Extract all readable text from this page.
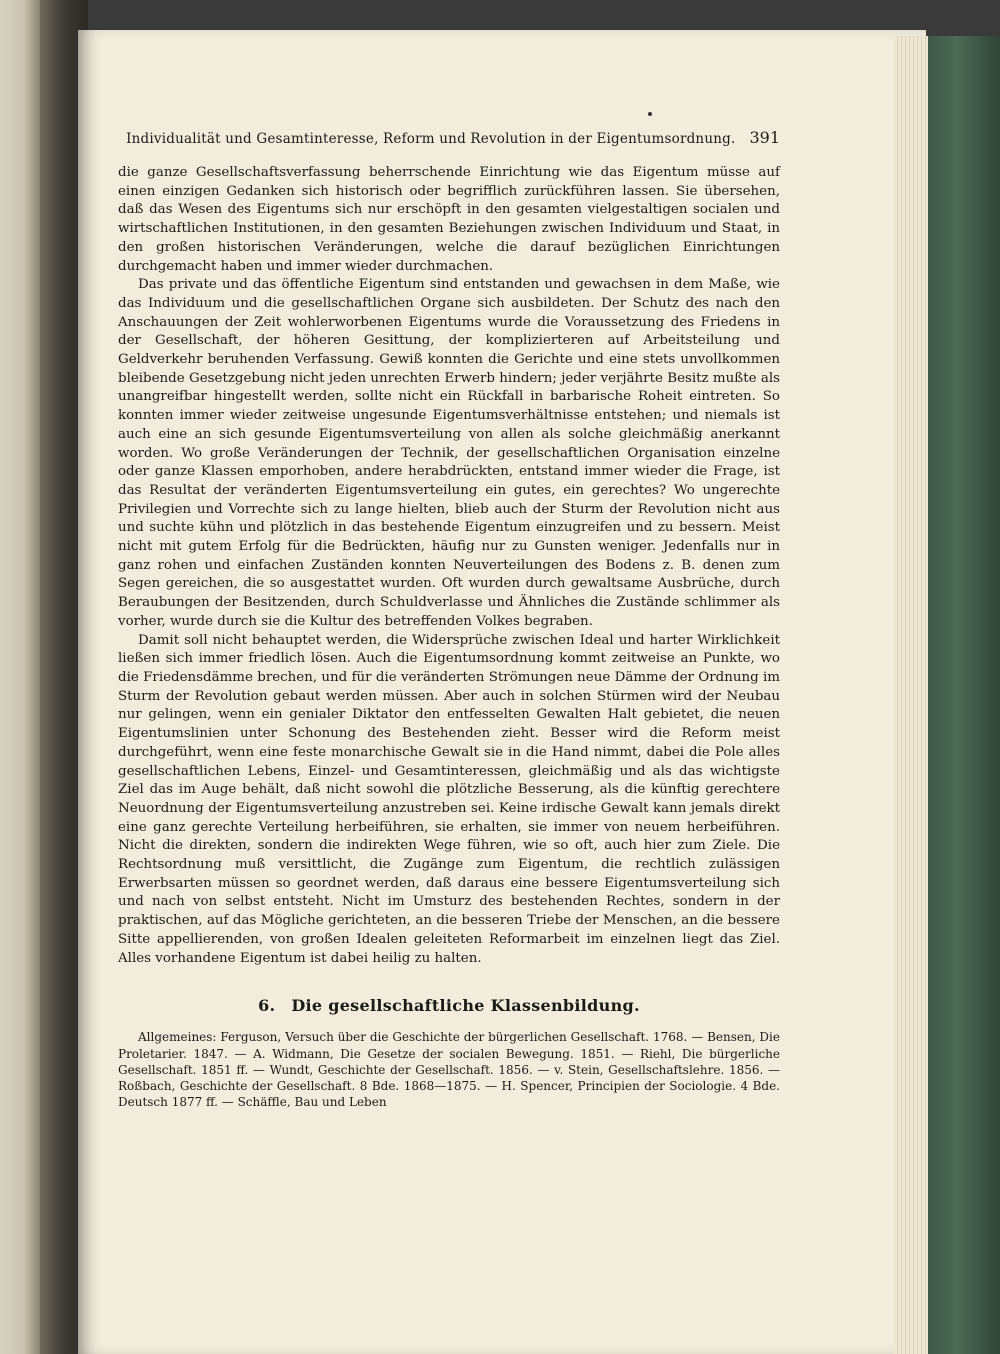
Individualität und Gesamtinteresse, Reform und Revolution in der Eigentumsordnung. 391

die ganze Gesellschaftsverfassung beherrschende Einrichtung wie das Eigentum müsse auf einen einzigen Gedanken sich historisch oder begrifflich zurückführen lassen. Sie übersehen, daß das Wesen des Eigentums sich nur erschöpft in den gesamten vielgestaltigen socialen und wirtschaftlichen Institutionen, in den gesamten Beziehungen zwischen Individuum und Staat, in den großen historischen Veränderungen, welche die darauf bezüglichen Einrichtungen durchgemacht haben und immer wieder durchmachen.

Das private und das öffentliche Eigentum sind entstanden und gewachsen in dem Maße, wie das Individuum und die gesellschaftlichen Organe sich ausbildeten. Der Schutz des nach den Anschauungen der Zeit wohlerworbenen Eigentums wurde die Voraussetzung des Friedens in der Gesellschaft, der höheren Gesittung, der komplizierteren auf Arbeitsteilung und Geldverkehr beruhenden Verfassung. Gewiß konnten die Gerichte und eine stets unvollkommen bleibende Gesetzgebung nicht jeden unrechten Erwerb hindern; jeder verjährte Besitz mußte als unangreifbar hingestellt werden, sollte nicht ein Rückfall in barbarische Roheit eintreten. So konnten immer wieder zeitweise ungesunde Eigentumsverhältnisse entstehen; und niemals ist auch eine an sich gesunde Eigentumsverteilung von allen als solche gleichmäßig anerkannt worden. Wo große Veränderungen der Technik, der gesellschaftlichen Organisation einzelne oder ganze Klassen emporhoben, andere herabdrückten, entstand immer wieder die Frage, ist das Resultat der veränderten Eigentumsverteilung ein gutes, ein gerechtes? Wo ungerechte Privilegien und Vorrechte sich zu lange hielten, blieb auch der Sturm der Revolution nicht aus und suchte kühn und plötzlich in das bestehende Eigentum einzugreifen und zu bessern. Meist nicht mit gutem Erfolg für die Bedrückten, häufig nur zu Gunsten weniger. Jedenfalls nur in ganz rohen und einfachen Zuständen konnten Neuverteilungen des Bodens z. B. denen zum Segen gereichen, die so ausgestattet wurden. Oft wurden durch gewaltsame Ausbrüche, durch Beraubungen der Besitzenden, durch Schuldverlasse und Ähnliches die Zustände schlimmer als vorher, wurde durch sie die Kultur des betreffenden Volkes begraben.

Damit soll nicht behauptet werden, die Widersprüche zwischen Ideal und harter Wirklichkeit ließen sich immer friedlich lösen. Auch die Eigentumsordnung kommt zeitweise an Punkte, wo die Friedensdämme brechen, und für die veränderten Strömungen neue Dämme der Ordnung im Sturm der Revolution gebaut werden müssen. Aber auch in solchen Stürmen wird der Neubau nur gelingen, wenn ein genialer Diktator den entfesselten Gewalten Halt gebietet, die neuen Eigentumslinien unter Schonung des Bestehenden zieht. Besser wird die Reform meist durchgeführt, wenn eine feste monarchische Gewalt sie in die Hand nimmt, dabei die Pole alles gesellschaftlichen Lebens, Einzel- und Gesamtinteressen, gleichmäßig und als das wichtigste Ziel das im Auge behält, daß nicht sowohl die plötzliche Besserung, als die künftig gerechtere Neuordnung der Eigentumsverteilung anzustreben sei. Keine irdische Gewalt kann jemals direkt eine ganz gerechte Verteilung herbeiführen, sie erhalten, sie immer von neuem herbeiführen. Nicht die direkten, sondern die indirekten Wege führen, wie so oft, auch hier zum Ziele. Die Rechtsordnung muß versittlicht, die Zugänge zum Eigentum, die rechtlich zulässigen Erwerbsarten müssen so geordnet werden, daß daraus eine bessere Eigentumsverteilung sich und nach von selbst entsteht. Nicht im Umsturz des bestehenden Rechtes, sondern in der praktischen, auf das Mögliche gerichteten, an die besseren Triebe der Menschen, an die bessere Sitte appellierenden, von großen Idealen geleiteten Reformarbeit im einzelnen liegt das Ziel. Alles vorhandene Eigentum ist dabei heilig zu halten.

6. Die gesellschaftliche Klassenbildung.
Allgemeines: Ferguson, Versuch über die Geschichte der bürgerlichen Gesellschaft. 1768. — Bensen, Die Proletarier. 1847. — A. Widmann, Die Gesetze der socialen Bewegung. 1851. — Riehl, Die bürgerliche Gesellschaft. 1851 ff. — Wundt, Geschichte der Gesellschaft. 1856. — v. Stein, Gesellschaftslehre. 1856. — Roßbach, Geschichte der Gesellschaft. 8 Bde. 1868—1875. — H. Spencer, Principien der Sociologie. 4 Bde. Deutsch 1877 ff. — Schäffle, Bau und Leben
